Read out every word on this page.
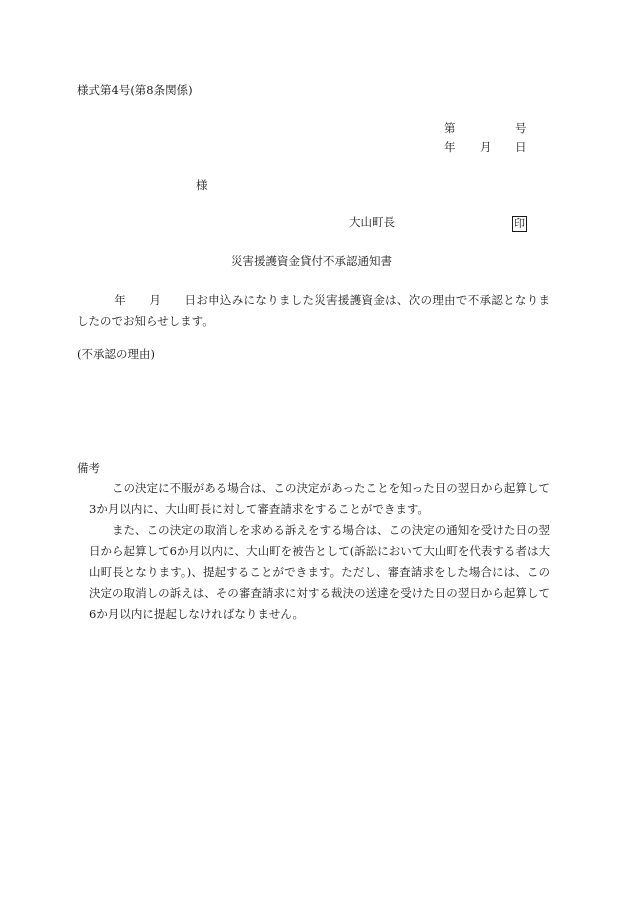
様式第4号(第8条関係)
第	号
年 月 日
様
大山町長	印
災害援護資金貸付不承認通知書
年 月 日お申込みになりました災害援護資金は、次の理由で不承認となりましたのでお知らせします。
(不承認の理由)
備考
この決定に不服がある場合は、この決定があったことを知った日の翌日から起算して3か月以内に、大山町長に対して審査請求をすることができます。
また、この決定の取消しを求める訴えをする場合は、この決定の通知を受けた日の翌日から起算して6か月以内に、大山町を被告として(訴訟において大山町を代表する者は大山町長となります。)、提起することができます。ただし、審査請求をした場合には、この決定の取消しの訴えは、その審査請求に対する裁決の送達を受けた日の翌日から起算して6か月以内に提起しなければなりません。
